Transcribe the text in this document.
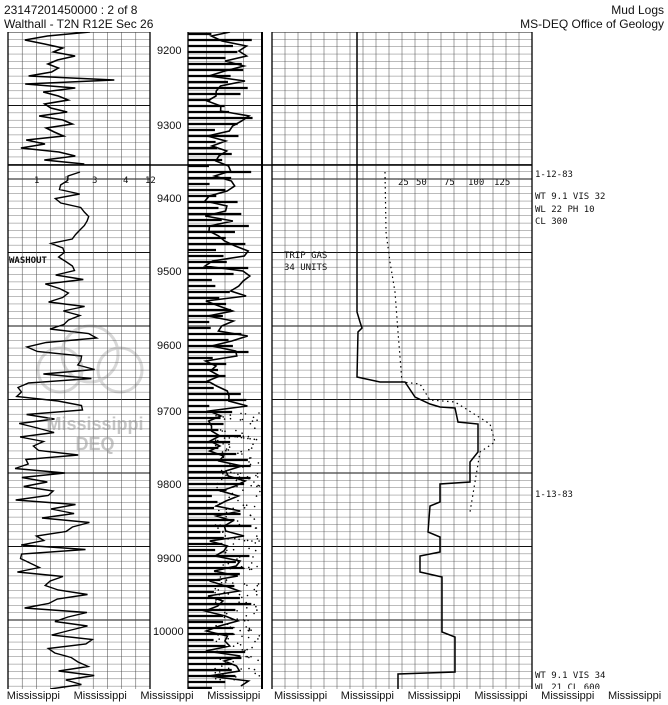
23147201450000 : 2 of 8
Walthall - T2N R12E Sec 26
Mud Logs
MS-DEQ Office of Geology
Mississippi
DEQ
9200
9300
9400
9500
9600
9700
9800
9900
10000
1	2	3	4 12	25 50 75 100 125
WASHOUT	TRIP GAS
34 UNITS
1-12-83
WT 9.1 VIS 32
WL 22 PH 10
CL 300
1-13-83
WT 9.1 VIS 34
WL 21 CL 600
Mississippi	Mississippi	Mississippi	Mississippi	Mississippi	Mississippi	Mississippi	Mississippi	Mississippi	Mississippi
